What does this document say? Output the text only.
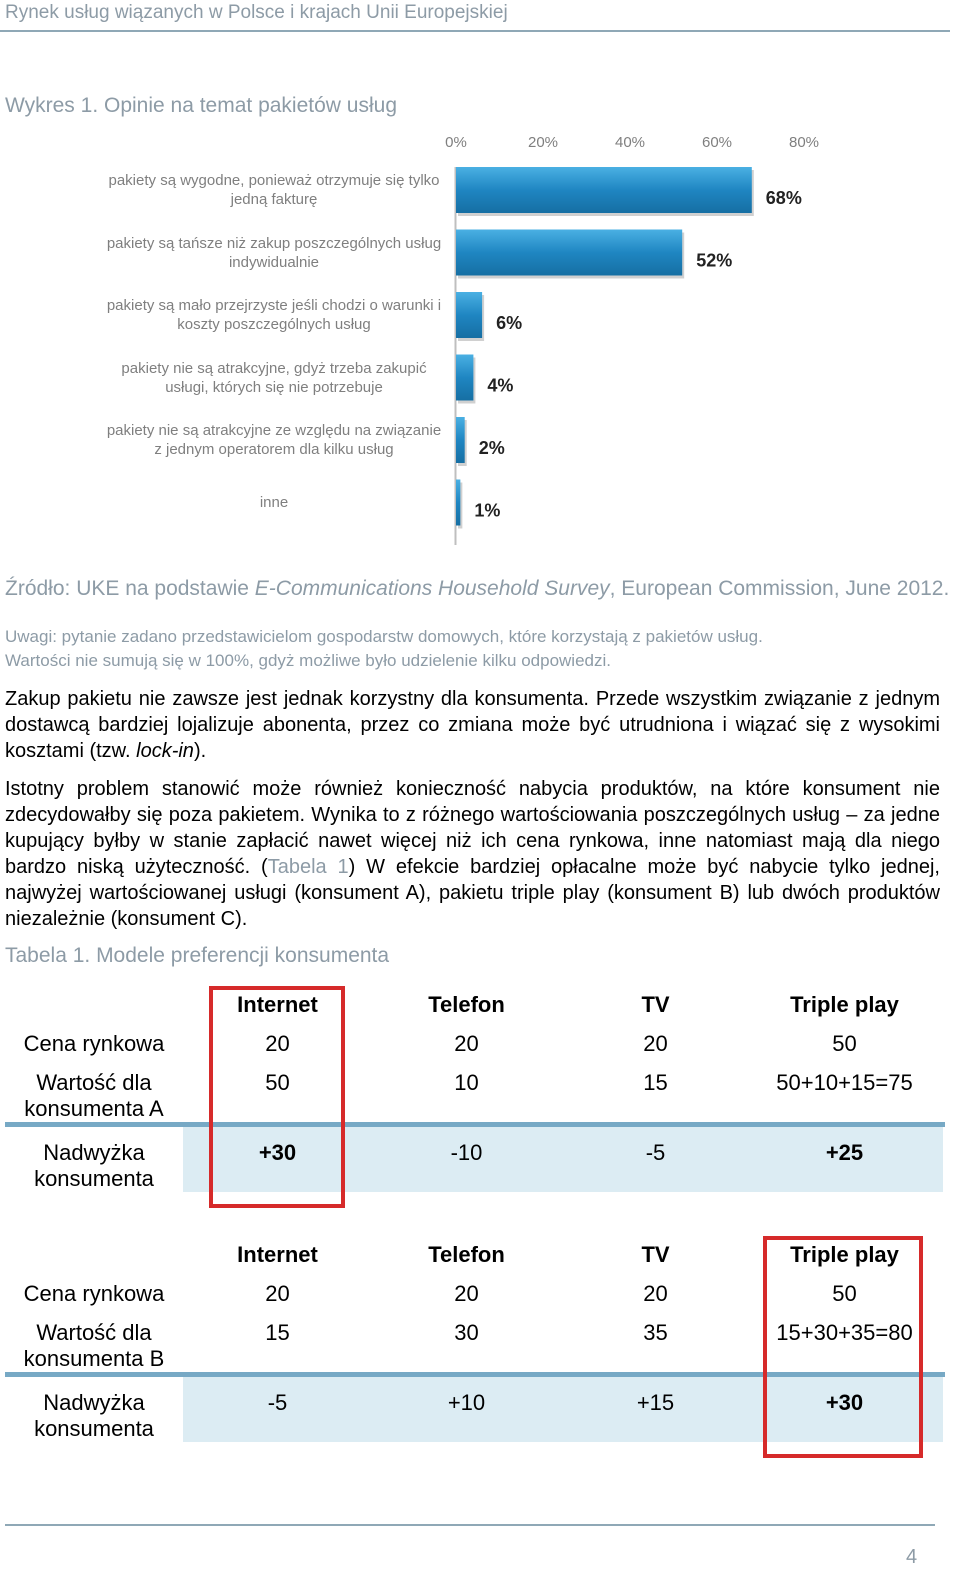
Rynek usług wiązanych w Polsce i krajach Unii Europejskiej
Wykres 1. Opinie na temat pakietów usług
0%	20%	40%	60%	80%
68%
52%
6%
4%
2%
1%
pakiety są wygodne, ponieważ otrzymuje się tylko jedną fakturę
pakiety są tańsze niż zakup poszczególnych usług indywidualnie
pakiety są mało przejrzyste jeśli chodzi o warunki i koszty poszczególnych usług
pakiety nie są atrakcyjne, gdyż trzeba zakupić usługi, których się nie potrzebuje
pakiety nie są atrakcyjne ze względu na związanie z jednym operatorem dla kilku usług
inne
Źródło: UKE na podstawie E-Communications Household Survey, European Commission, June 2012.
Uwagi: pytanie zadano przedstawicielom gospodarstw domowych, które korzystają z pakietów usług.
Wartości nie sumują się w 100%, gdyż możliwe było udzielenie kilku odpowiedzi.
Zakup pakietu nie zawsze jest jednak korzystny dla konsumenta. Przede wszystkim związanie z jednym dostawcą bardziej lojalizuje abonenta, przez co zmiana może być utrudniona i wiązać się z wysokimi kosztami (tzw. lock-in).
Istotny problem stanowić może również konieczność nabycia produktów, na które konsument nie zdecydowałby się poza pakietem. Wynika to z różnego wartościowania poszczególnych usług – za jedne kupujący byłby w stanie zapłacić nawet więcej niż ich cena rynkowa, inne natomiast mają dla niego bardzo niską użyteczność. (Tabela 1) W efekcie bardziej opłacalne może być nabycie tylko jednej, najwyżej wartościowanej usługi (konsument A), pakietu triple play (konsument B) lub dwóch produktów niezależnie (konsument C).
Tabela 1. Modele preferencji konsumenta
Internet	Telefon	TV	Triple play
Cena rynkowa	20	20	20	50
Wartość dla
konsumenta A
50	10	15	50+10+15=75
Nadwyżka
konsumenta
+30	-10	-5	+25
Internet	Telefon	TV	Triple play
Cena rynkowa	20	20	20	50
Wartość dla
konsumenta B
15	30	35	15+30+35=80
Nadwyżka
konsumenta
-5	+10	+15	+30
4
